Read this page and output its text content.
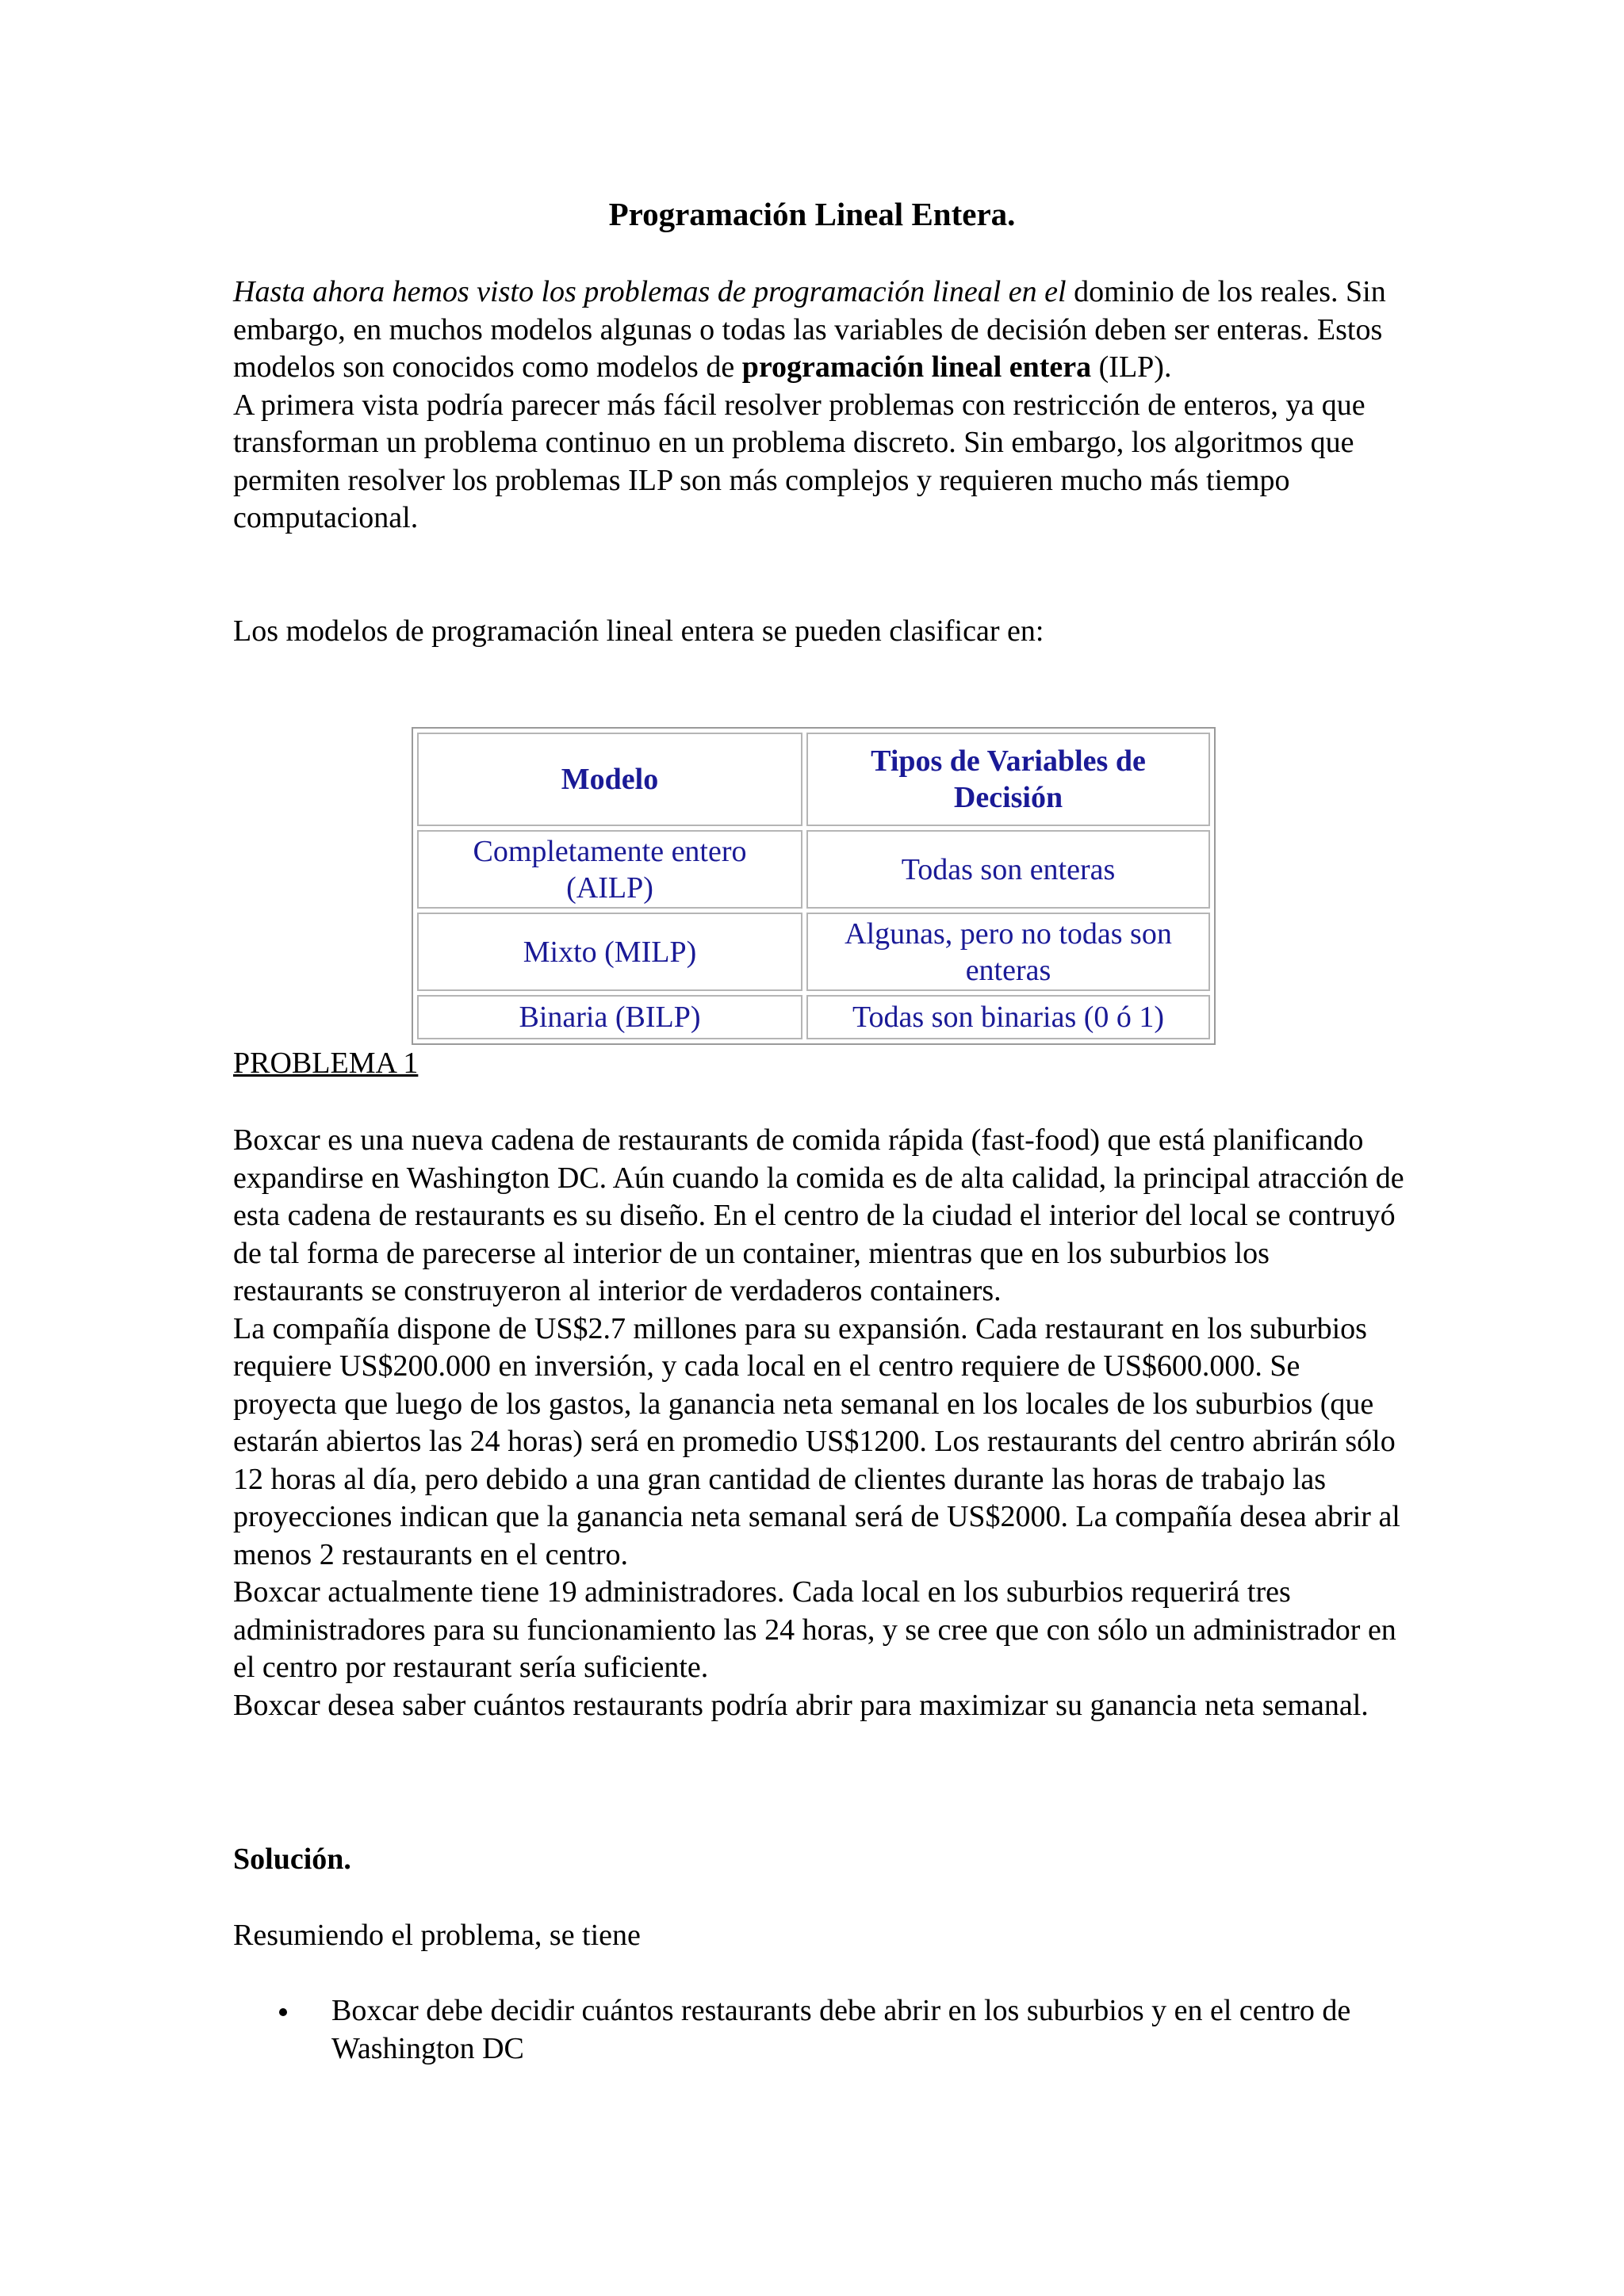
Programación Lineal Entera.

Hasta ahora hemos visto los problemas de programación lineal en el dominio de los reales. Sin embargo, en muchos modelos algunas o todas las variables de decisión deben ser enteras. Estos modelos son conocidos como modelos de programación lineal entera (ILP).
A primera vista podría parecer más fácil resolver problemas con restricción de enteros, ya que transforman un problema continuo en un problema discreto. Sin embargo, los algoritmos que permiten resolver los problemas ILP son más complejos y requieren mucho más tiempo computacional.

Los modelos de programación lineal entera se pueden clasificar en:

Modelo	Tipos de Variables de Decisión
Completamente entero (AILP)	Todas son enteras
Mixto (MILP)	Algunas, pero no todas son enteras
Binaria (BILP)	Todas son binarias (0 ó 1)

PROBLEMA 1

Boxcar es una nueva cadena de restaurants de comida rápida (fast-food) que está planificando expandirse en Washington DC. Aún cuando la comida es de alta calidad, la principal atracción de esta cadena de restaurants es su diseño. En el centro de la ciudad el interior del local se contruyó de tal forma de parecerse al interior de un container, mientras que en los suburbios los restaurants se construyeron al interior de verdaderos containers.
La compañía dispone de US$2.7 millones para su expansión. Cada restaurant en los suburbios requiere US$200.000 en inversión, y cada local en el centro requiere de US$600.000. Se proyecta que luego de los gastos, la ganancia neta semanal en los locales de los suburbios (que estarán abiertos las 24 horas) será en promedio US$1200. Los restaurants del centro abrirán sólo 12 horas al día, pero debido a una gran cantidad de clientes durante las horas de trabajo las proyecciones indican que la ganancia neta semanal será de US$2000. La compañía desea abrir al menos 2 restaurants en el centro.
Boxcar actualmente tiene 19 administradores. Cada local en los suburbios requerirá tres administradores para su funcionamiento las 24 horas, y se cree que con sólo un administrador en el centro por restaurant sería suficiente.
Boxcar desea saber cuántos restaurants podría abrir para maximizar su ganancia neta semanal.

Solución.

Resumiendo el problema, se tiene

Boxcar debe decidir cuántos restaurants debe abrir en los suburbios y en el centro de Washington DC
